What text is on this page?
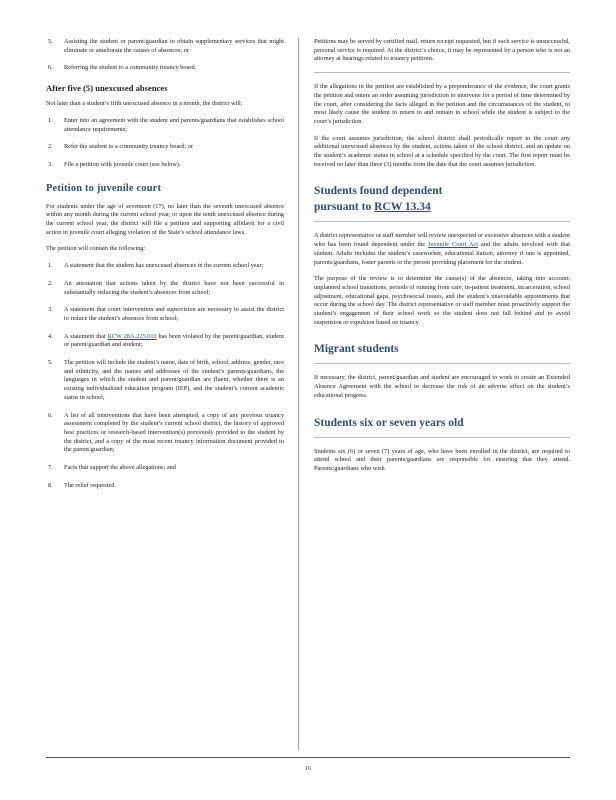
5. Assisting the student or parent/guardian to obtain supplementary services that might eliminate or ameliorate the causes of absences; or
6. Referring the student to a community truancy board.
After five (5) unexcused absences

Not later than a student’s fifth unexcused absence in a month, the district will:

1. Enter into an agreement with the student and parents/guardians that establishes school attendance requirements;
2. Refer the student to a community truancy board; or
3. File a petition with juvenile court (see below).
Petition to juvenile court

For students under the age of seventeen (17), no later than the seventh unexcused absence within any month during the current school year, or upon the tenth unexcused absence during the current school year, the district will file a petition and supporting affidavit for a civil action in juvenile court alleging violation of the State’s school attendance laws.

The petition will contain the following:

1. A statement that the student has unexcused absences in the current school year;
2. An attestation that actions taken by the district have not been successful in substantially reducing the student’s absences from school;
3. A statement that court intervention and supervision are necessary to assist the district to reduce the student’s absences from school;
4. A statement that RCW 28A.225.010 has been violated by the parent/guardian, student or parent/guardian and student;
5. The petition will include the student’s name, date of birth, school, address, gender, race and ethnicity, and the names and addresses of the student’s parents/guardians, the languages in which the student and parent/guardian are fluent, whether there is an existing individualized education program (IEP), and the student’s current academic status in school;
6. A list of all interventions that have been attempted, a copy of any previous truancy assessment completed by the student’s current school district, the history of approved best practices or research-based intervention(s) previously provided to the student by the district, and a copy of the most recent truancy information document provided to the parent/guardian;
7. Facts that support the above allegations; and
8. The relief requested.

Petitions may be served by certified mail, return receipt requested, but if such service is unsuccessful, personal service is required. At the district’s choice, it may be represented by a person who is not an attorney at hearings related to truancy petitions.

If the allegations in the petition are established by a preponderance of the evidence, the court grants the petition and enters an order assuming jurisdiction to intervene for a period of time determined by the court, after considering the facts alleged in the petition and the circumstances of the student, to most likely cause the student to return to and remain in school while the student is subject to the court’s jurisdiction.

If the court assumes jurisdiction, the school district shall periodically report to the court any additional unexcused absences by the student, actions taken of the school district, and an update on the student’s academic status in school at a schedule specified by the court. The first report must be received no later than three (3) months from the date that the court assumes jurisdiction.

Students found dependent
pursuant to RCW 13.34

A district representative or staff member will review unexpected or excessive absences with a student who has been found dependent under the Juvenile Court Act and the adults involved with that student. Adults includes the student’s caseworker, educational liaison, attorney if one is appointed, parents/guardians, foster parents or the person providing placement for the student.

The purpose of the review is to determine the cause(s) of the absences, taking into account: unplanned school transitions, periods of running from care, in-patient treatment, incarceration, school adjustment, educational gaps, psychosocial issues, and the student’s unavoidable appointments that occur during the school day. The district representative or staff member must proactively support the student’s engagement of their school work so the student does not fall behind and to avoid suspension or expulsion based on truancy.

Migrant students

If necessary, the district, parent/guardian and student are encouraged to work to create an Extended Absence Agreement with the school to decrease the risk of an adverse effect on the student’s educational progress.

Students six or seven years old

Students six (6) or seven (7) years of age, who have been enrolled in the district, are required to attend school and their parents/guardians are responsible for ensuring that they attend. Parents/guardians who wish

16
